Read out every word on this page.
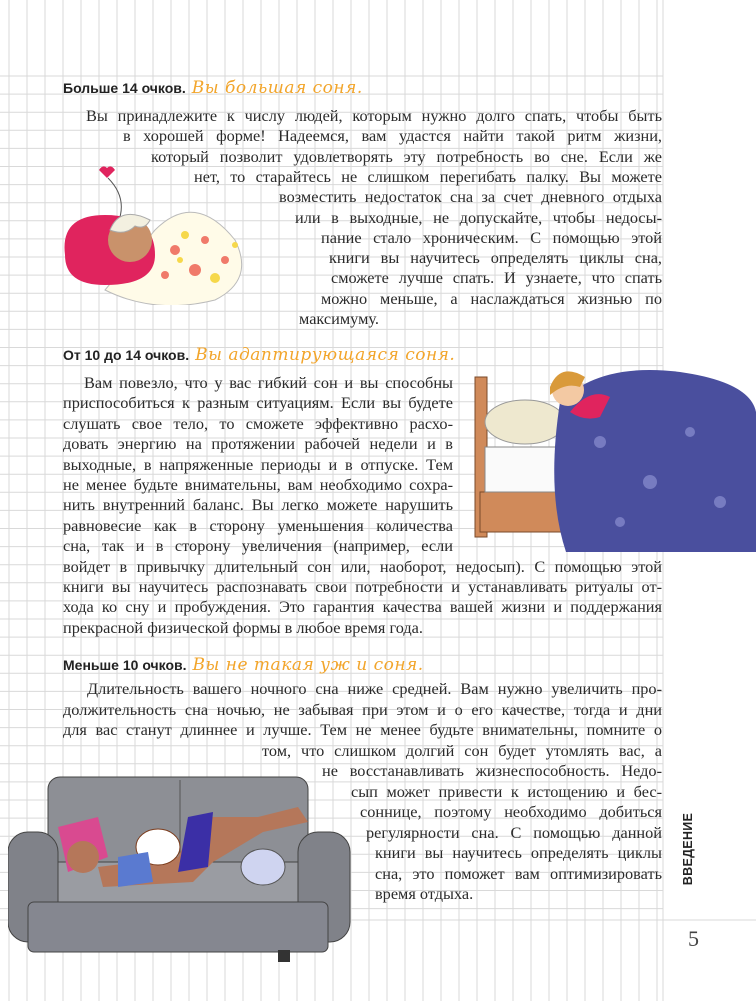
Больше 14 очков. Вы большая соня.
Вы принадлежите к числу людей, которым нужно долго спать, чтобы быть
в хорошей форме! Надеемся, вам удастся найти такой ритм жизни,
который позволит удовлетворять эту потребность во сне. Если же
нет, то старайтесь не слишком перегибать палку. Вы можете
возместить недостаток сна за счет дневного отдыха
или в выходные, не допускайте, чтобы недосы-
пание стало хроническим. С помощью этой
книги вы научитесь определять циклы сна,
сможете лучше спать. И узнаете, что спать
можно меньше, а наслаждаться жизнью по
максимуму.
От 10 до 14 очков. Вы адаптирующаяся соня.
Вам повезло, что у вас гибкий сон и вы способны
приспособиться к разным ситуациям. Если вы будете
слушать свое тело, то сможете эффективно расхо-
довать энергию на протяжении рабочей недели и в
выходные, в напряженные периоды и в отпуске. Тем
не менее будьте внимательны, вам необходимо сохра-
нить внутренний баланс. Вы легко можете нарушить
равновесие как в сторону уменьшения количества
сна, так и в сторону увеличения (например, если
войдет в привычку длительный сон или, наоборот, недосып). С помощью этой
книги вы научитесь распознавать свои потребности и устанавливать ритуалы от-
хода ко сну и пробуждения. Это гарантия качества вашей жизни и поддержания
прекрасной физической формы в любое время года.
Меньше 10 очков. Вы не такая уж и соня.
Длительность вашего ночного сна ниже средней. Вам нужно увеличить про-
должительность сна ночью, не забывая при этом и о его качестве, тогда и дни
для вас станут длиннее и лучше. Тем не менее будьте внимательны, помните о
том, что слишком долгий сон будет утомлять вас, а
не восстанавливать жизнеспособность. Недо-
сып может привести к истощению и бес-
соннице, поэтому необходимо добиться
регулярности сна. С помощью данной
книги вы научитесь определять циклы
сна, это поможет вам оптимизировать
время отдыха.
ВВЕДЕНИЕ
5
